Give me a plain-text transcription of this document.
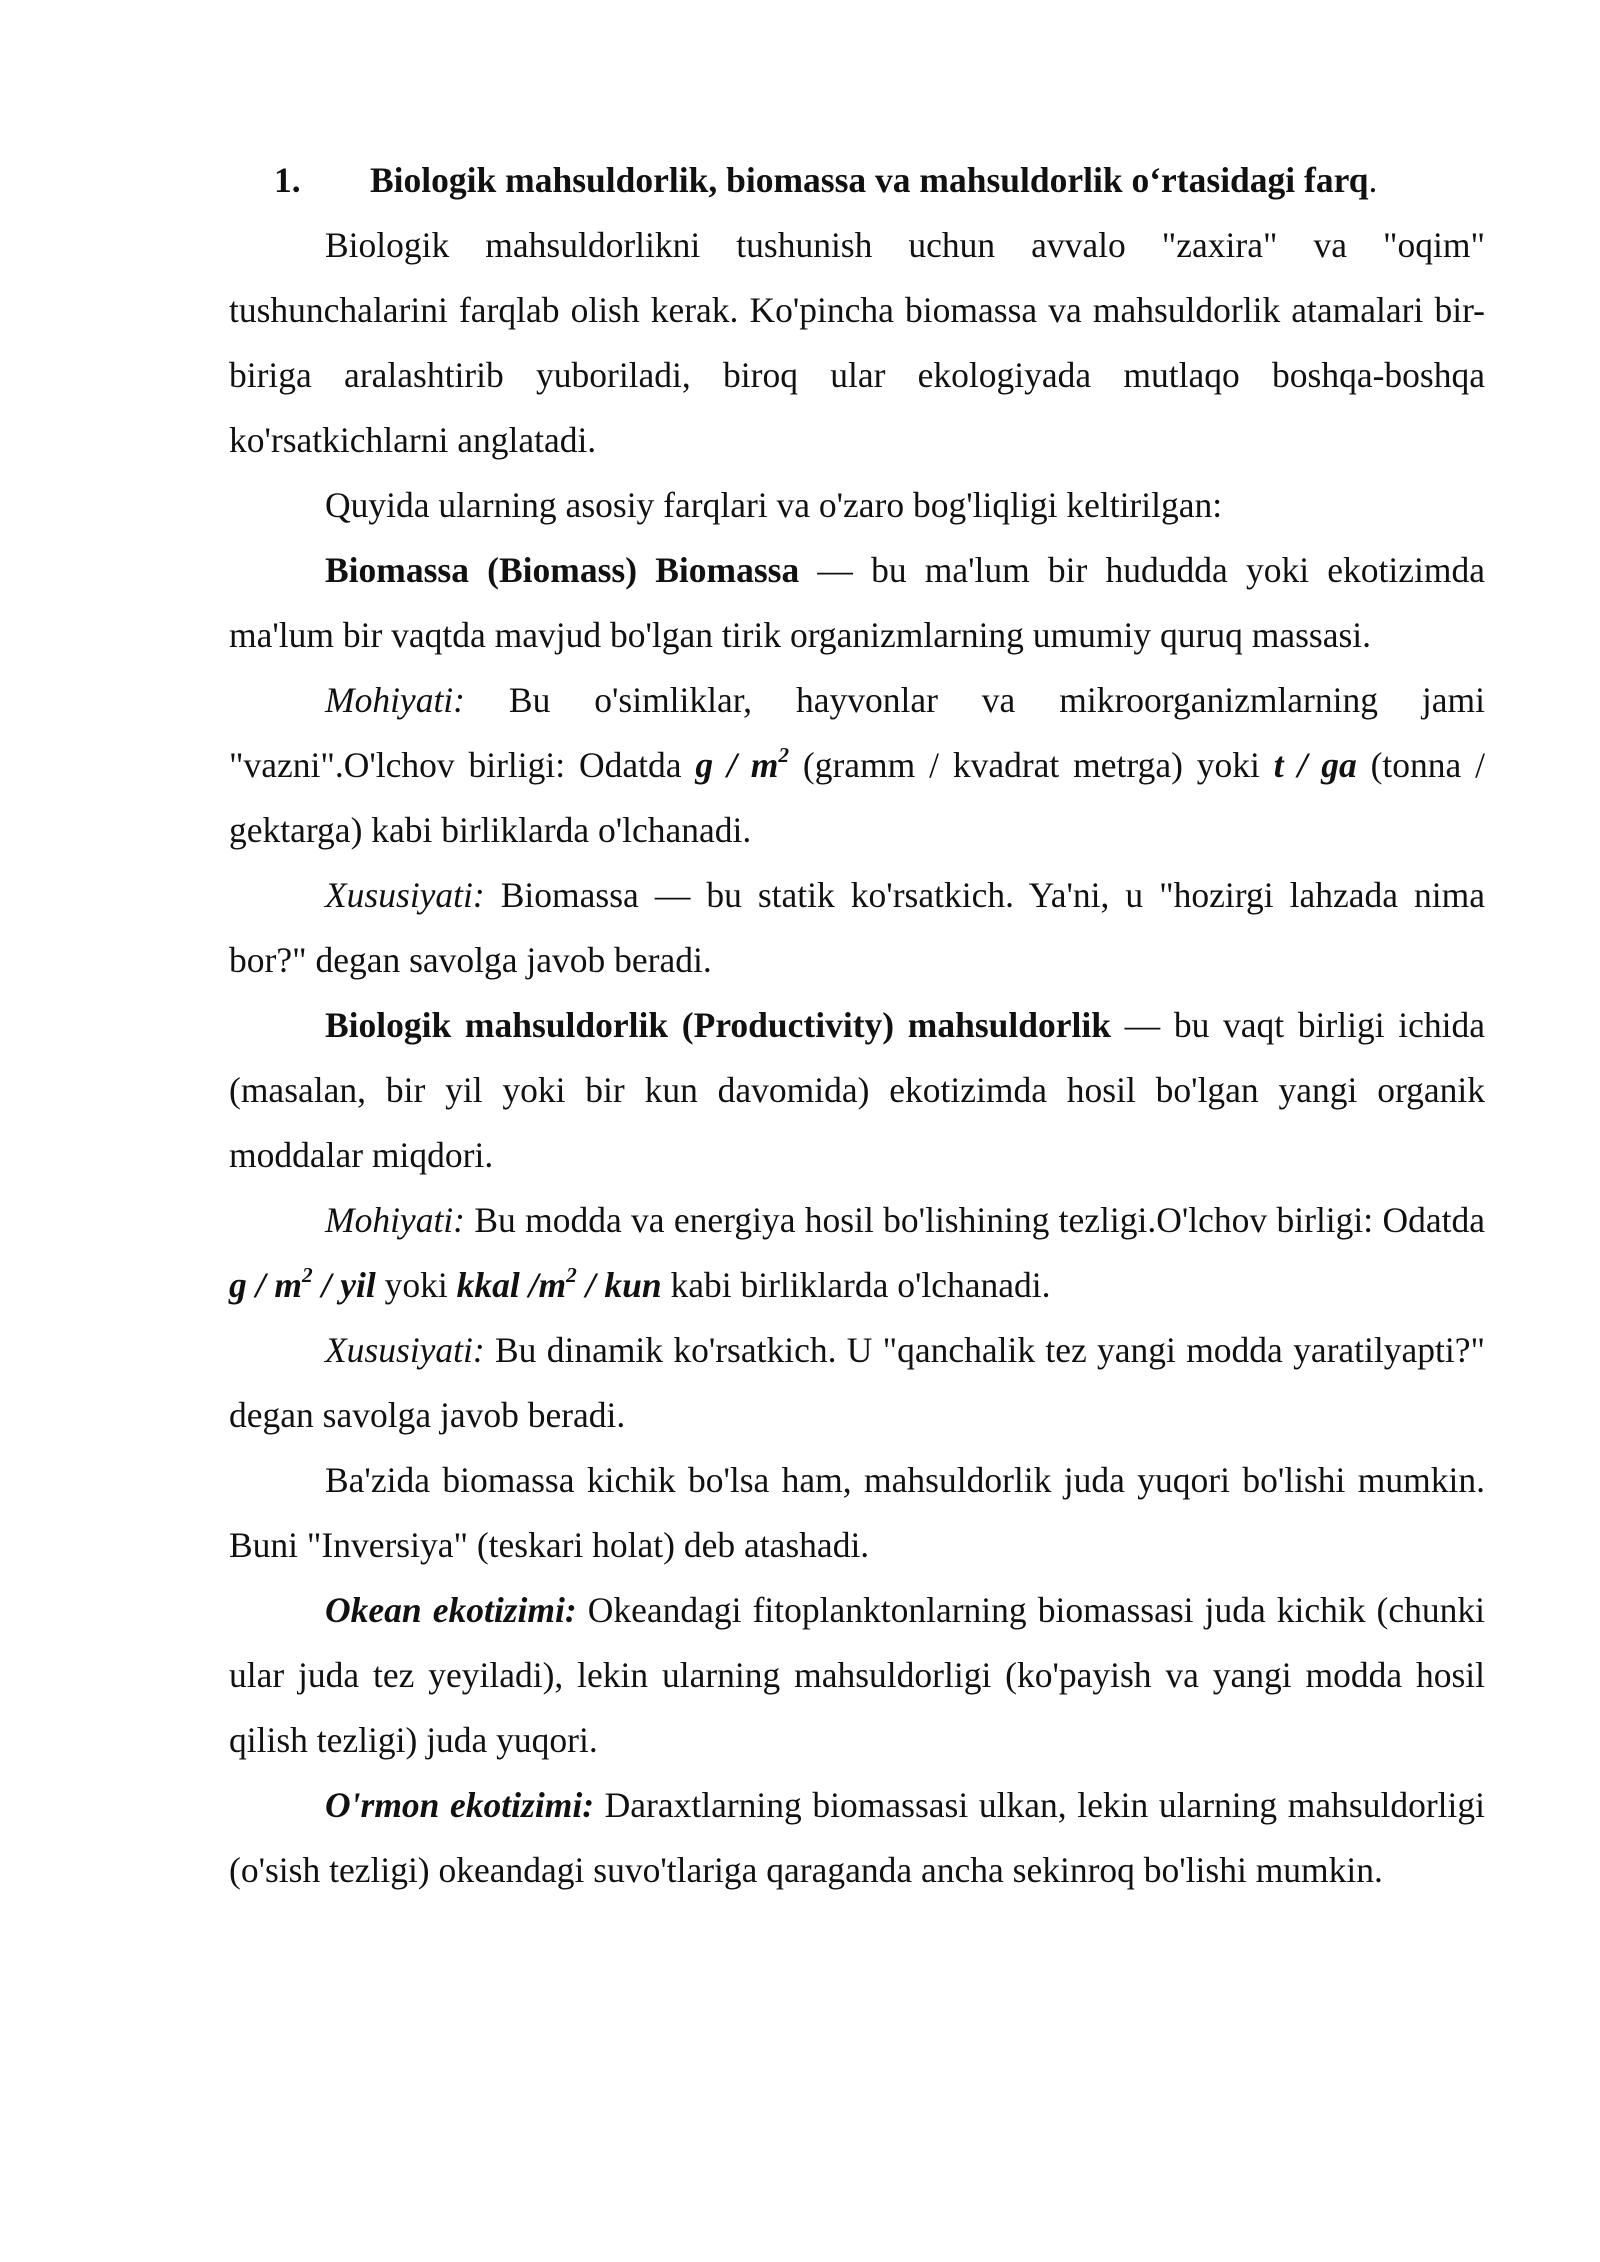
1.	Biologik mahsuldorlik, biomassa va mahsuldorlik o‘rtasidagi farq.

Biologik mahsuldorlikni tushunish uchun avvalo "zaxira" va "oqim" tushunchalarini farqlab olish kerak. Ko'pincha biomassa va mahsuldorlik atamalari bir-biriga aralashtirib yuboriladi, biroq ular ekologiyada mutlaqo boshqa-boshqa ko'rsatkichlarni anglatadi.

Quyida ularning asosiy farqlari va o'zaro bog'liqligi keltirilgan:

Biomassa (Biomass) Biomassa — bu ma'lum bir hududda yoki ekotizimda ma'lum bir vaqtda mavjud bo'lgan tirik organizmlarning umumiy quruq massasi.

Mohiyati: Bu o'simliklar, hayvonlar va mikroorganizmlarning jami "vazni".O'lchov birligi: Odatda g / $m^2$ (gramm / kvadrat metrga) yoki t / ga (tonna / gektarga) kabi birliklarda o'lchanadi.

Xususiyati: Biomassa — bu statik ko'rsatkich. Ya'ni, u "hozirgi lahzada nima bor?" degan savolga javob beradi.

Biologik mahsuldorlik (Productivity) mahsuldorlik — bu vaqt birligi ichida (masalan, bir yil yoki bir kun davomida) ekotizimda hosil bo'lgan yangi organik moddalar miqdori.

Mohiyati: Bu modda va energiya hosil bo'lishining tezligi.O'lchov birligi: Odatda g / $m^2$ / yil yoki kkal $/m^2$ / kun kabi birliklarda o'lchanadi.

Xususiyati: Bu dinamik ko'rsatkich. U "qanchalik tez yangi modda yaratilyapti?" degan savolga javob beradi.

Ba'zida biomassa kichik bo'lsa ham, mahsuldorlik juda yuqori bo'lishi mumkin. Buni "Inversiya" (teskari holat) deb atashadi.

Okean ekotizimi: Okeandagi fitoplanktonlarning biomassasi juda kichik (chunki ular juda tez yeyiladi), lekin ularning mahsuldorligi (ko'payish va yangi modda hosil qilish tezligi) juda yuqori.

O'rmon ekotizimi: Daraxtlarning biomassasi ulkan, lekin ularning mahsuldorligi (o'sish tezligi) okeandagi suvo'tlariga qaraganda ancha sekinroq bo'lishi mumkin.
